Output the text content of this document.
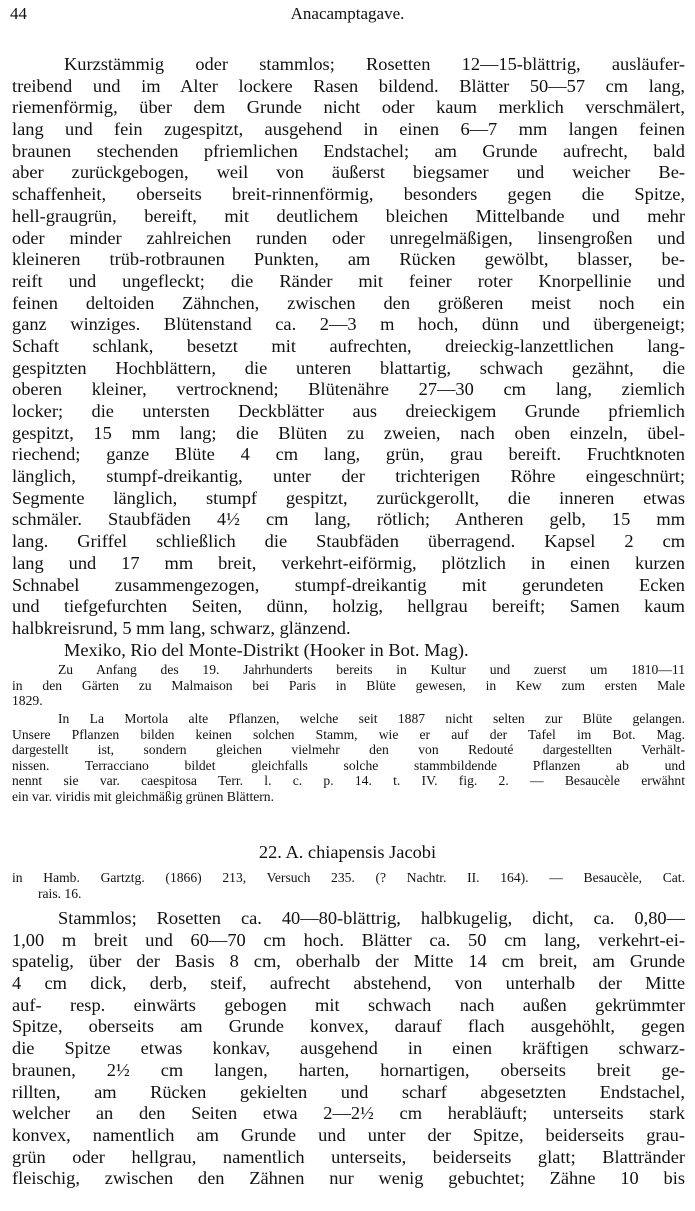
44	Anacamptagave.
Kurzstämmig oder stammlos; Rosetten 12—15-blättrig, ausläufer-
treibend und im Alter lockere Rasen bildend. Blätter 50—57 cm lang,
riemenförmig, über dem Grunde nicht oder kaum merklich verschmälert,
lang und fein zugespitzt, ausgehend in einen 6—7 mm langen feinen
braunen stechenden pfriemlichen Endstachel; am Grunde aufrecht, bald
aber zurückgebogen, weil von äußerst biegsamer und weicher Be-
schaffenheit, oberseits breit-rinnenförmig, besonders gegen die Spitze,
hell-graugrün, bereift, mit deutlichem bleichen Mittelbande und mehr
oder minder zahlreichen runden oder unregelmäßigen, linsengroßen und
kleineren trüb-rotbraunen Punkten, am Rücken gewölbt, blasser, be-
reift und ungefleckt; die Ränder mit feiner roter Knorpellinie und
feinen deltoiden Zähnchen, zwischen den größeren meist noch ein
ganz winziges. Blütenstand ca. 2—3 m hoch, dünn und übergeneigt;
Schaft schlank, besetzt mit aufrechten, dreieckig-lanzettlichen lang-
gespitzten Hochblättern, die unteren blattartig, schwach gezähnt, die
oberen kleiner, vertrocknend; Blütenähre 27—30 cm lang, ziemlich
locker; die untersten Deckblätter aus dreieckigem Grunde pfriemlich
gespitzt, 15 mm lang; die Blüten zu zweien, nach oben einzeln, übel-
riechend; ganze Blüte 4 cm lang, grün, grau bereift. Fruchtknoten
länglich, stumpf-dreikantig, unter der trichterigen Röhre eingeschnürt;
Segmente länglich, stumpf gespitzt, zurückgerollt, die inneren etwas
schmäler. Staubfäden 4½ cm lang, rötlich; Antheren gelb, 15 mm
lang. Griffel schließlich die Staubfäden überragend. Kapsel 2 cm
lang und 17 mm breit, verkehrt-eiförmig, plötzlich in einen kurzen
Schnabel zusammengezogen, stumpf-dreikantig mit gerundeten Ecken
und tiefgefurchten Seiten, dünn, holzig, hellgrau bereift; Samen kaum
halbkreisrund, 5 mm lang, schwarz, glänzend.
Mexiko, Rio del Monte-Distrikt (Hooker in Bot. Mag).
Zu Anfang des 19. Jahrhunderts bereits in Kultur und zuerst um 1810—11
in den Gärten zu Malmaison bei Paris in Blüte gewesen, in Kew zum ersten Male
1829.
In La Mortola alte Pflanzen, welche seit 1887 nicht selten zur Blüte gelangen.
Unsere Pflanzen bilden keinen solchen Stamm, wie er auf der Tafel im Bot. Mag.
dargestellt ist, sondern gleichen vielmehr den von Redouté dargestellten Verhält-
nissen. Terracciano bildet gleichfalls solche stammbildende Pflanzen ab und
nennt sie var. caespitosa Terr. l. c. p. 14. t. IV. fig. 2. — Besaucèle erwähnt
ein var. viridis mit gleichmäßig grünen Blättern.
22. A. chiapensis Jacobi
in Hamb. Gartztg. (1866) 213, Versuch 235. (? Nachtr. II. 164). — Besaucèle, Cat.
rais. 16.
Stammlos; Rosetten ca. 40—80-blättrig, halbkugelig, dicht, ca. 0,80—
1,00 m breit und 60—70 cm hoch. Blätter ca. 50 cm lang, verkehrt-ei-
spatelig, über der Basis 8 cm, oberhalb der Mitte 14 cm breit, am Grunde
4 cm dick, derb, steif, aufrecht abstehend, von unterhalb der Mitte
auf- resp. einwärts gebogen mit schwach nach außen gekrümmter
Spitze, oberseits am Grunde konvex, darauf flach ausgehöhlt, gegen
die Spitze etwas konkav, ausgehend in einen kräftigen schwarz-
braunen, 2½ cm langen, harten, hornartigen, oberseits breit ge-
rillten, am Rücken gekielten und scharf abgesetzten Endstachel,
welcher an den Seiten etwa 2—2½ cm herabläuft; unterseits stark
konvex, namentlich am Grunde und unter der Spitze, beiderseits grau-
grün oder hellgrau, namentlich unterseits, beiderseits glatt; Blattränder
fleischig, zwischen den Zähnen nur wenig gebuchtet; Zähne 10 bis
